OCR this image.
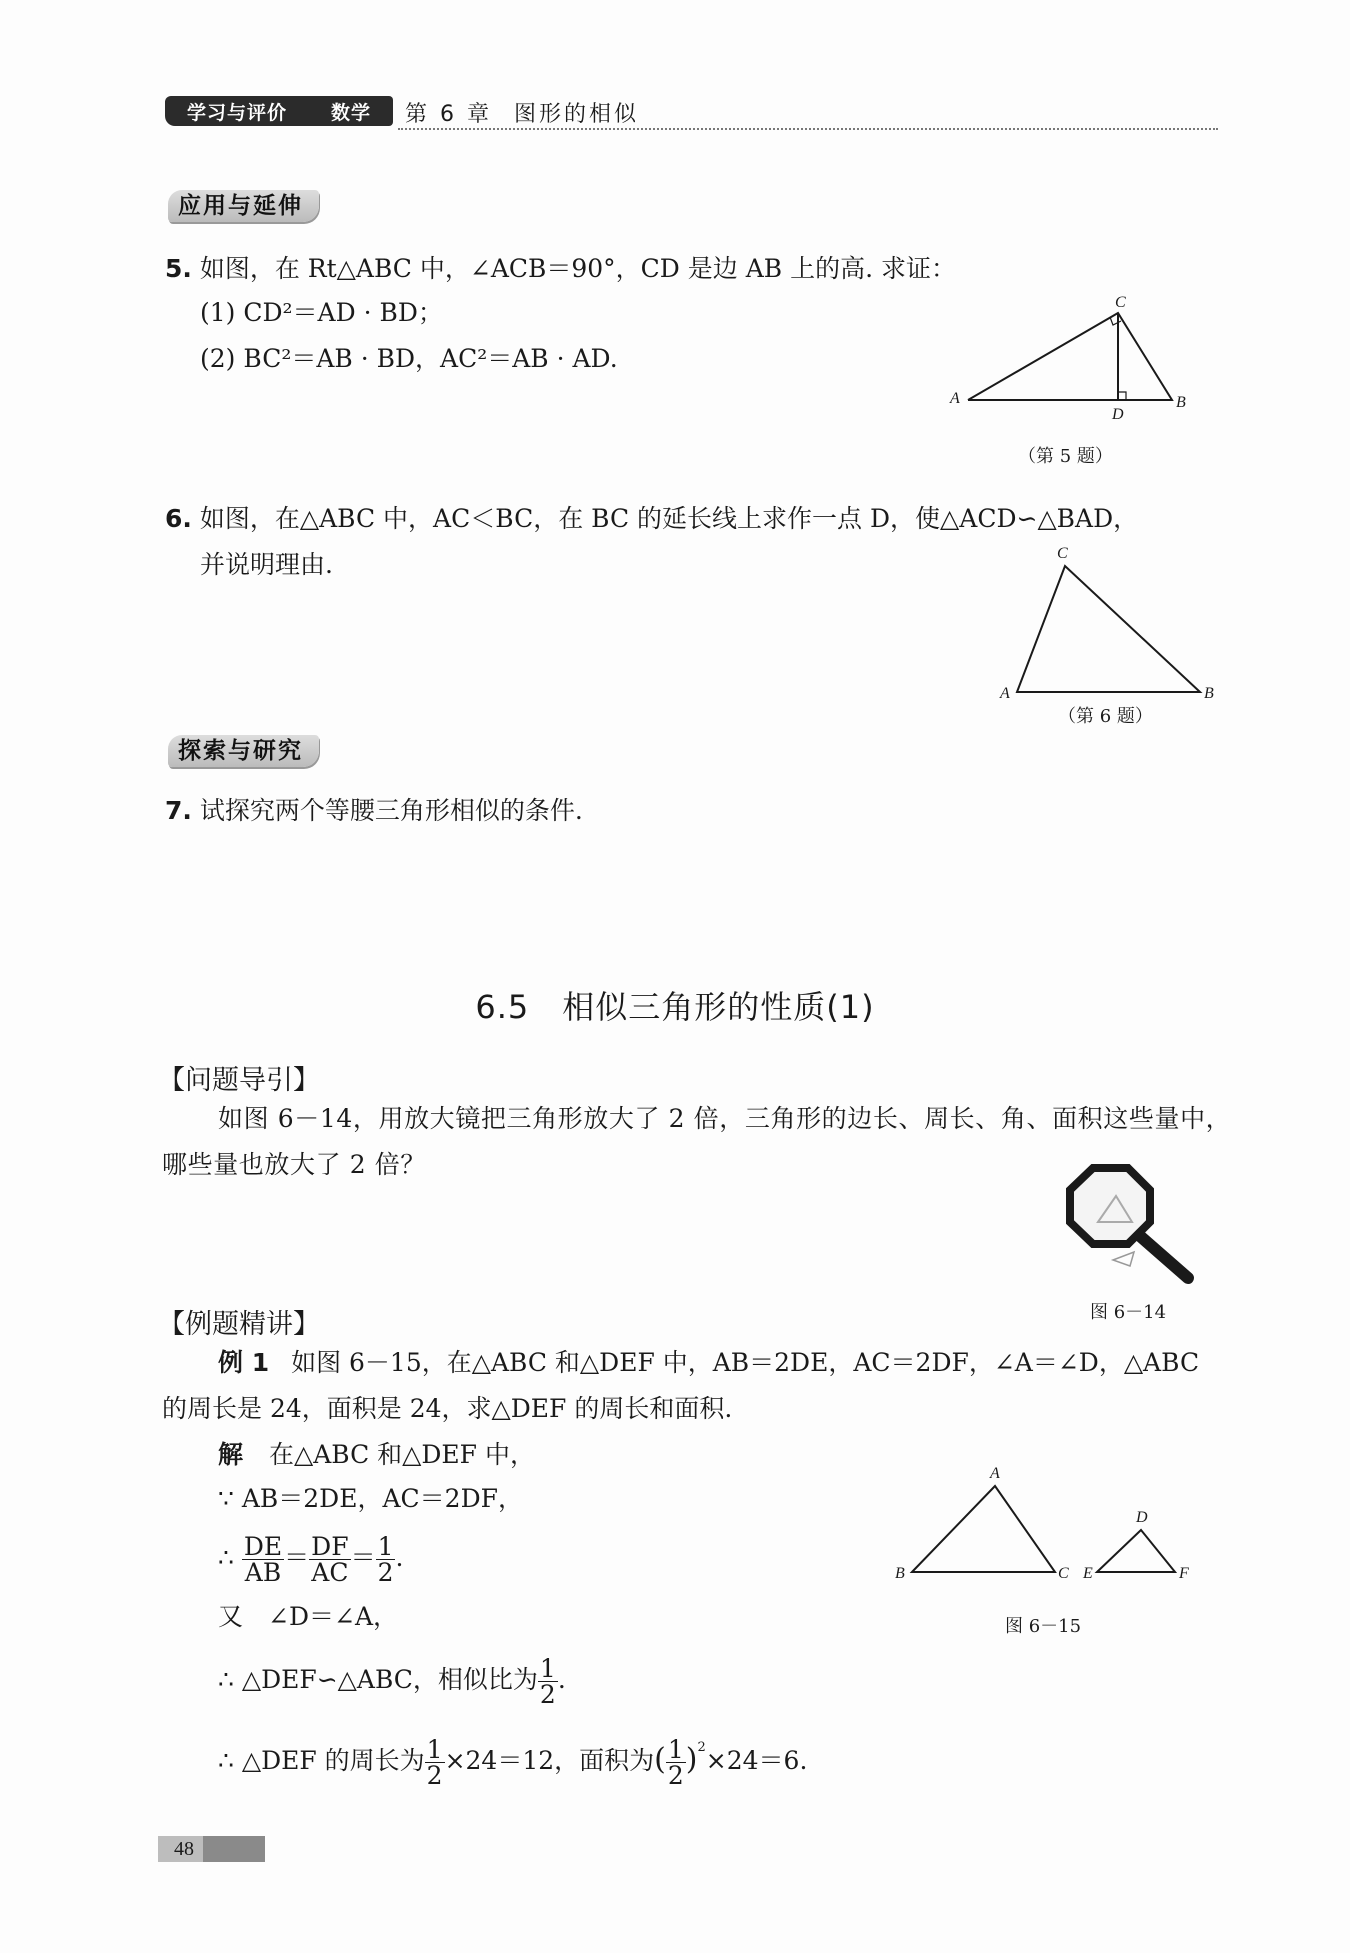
学习与评价 数学 第 6 章 图形的相似
应用与延伸
5. 如图，在 Rt△ABC 中，∠ACB＝90°，CD 是边 AB 上的高. 求证：
(1) CD²＝AD · BD；
(2) BC²＝AB · BD，AC²＝AB · AD.
A
C
B
D
（第 5 题）
6. 如图，在△ABC 中，AC＜BC，在 BC 的延长线上求作一点 D，使△ACD∽△BAD，
并说明理由.
A
C
B
（第 6 题）
探索与研究
7. 试探究两个等腰三角形相似的条件.
6.5　相似三角形的性质(1)
【问题导引】
如图 6－14，用放大镜把三角形放大了 2 倍，三角形的边长、周长、角、面积这些量中，
哪些量也放大了 2 倍？
图 6－14
【例题精讲】
例 1 如图 6－15，在△ABC 和△DEF 中，AB＝2DE，AC＝2DF，∠A＝∠D，△ABC
的周长是 24，面积是 24，求△DEF 的周长和面积.
解 在△ABC 和△DEF 中，
∵ AB＝2DE，AC＝2DF，
∴ $\frac{DE}{AB} = \frac{DF}{AC} = \frac{1}{2}$ .
又　∠D＝∠A，
∴ △DEF∽△ABC，相似比为 $\frac{1}{2}$ .
∴ △DEF 的周长为 $\frac{1}{2} \times 24=12$，面积为( $\frac{1}{2} )^2\times 24=6$.
B
A
C E
D
F
图 6－15
48
